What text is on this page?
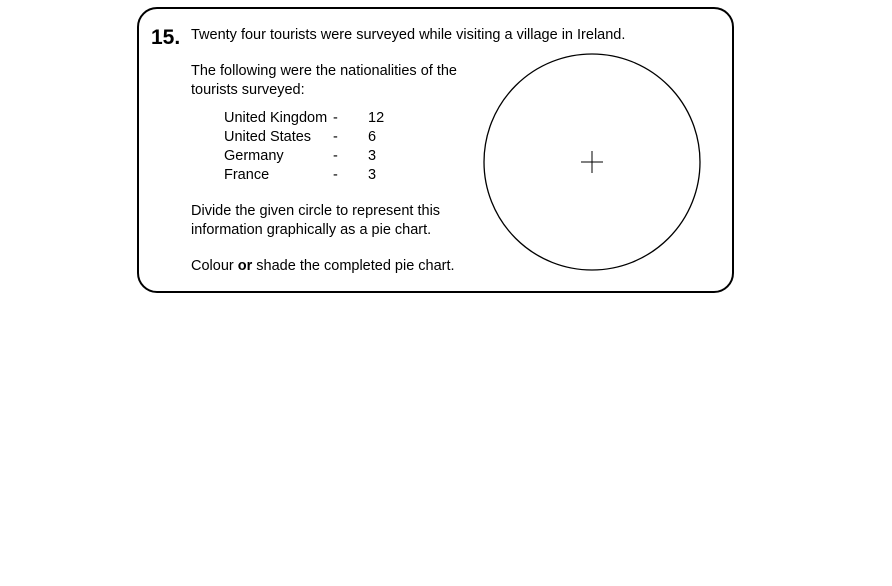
15. Twenty four tourists were surveyed while visiting a village in Ireland.
The following were the nationalities of the
tourists surveyed:
United Kingdom - 12
United States - 6
Germany	- 3
France	- 3
Divide the given circle to represent this
information graphically as a pie chart.
Colour or shade the completed pie chart.
